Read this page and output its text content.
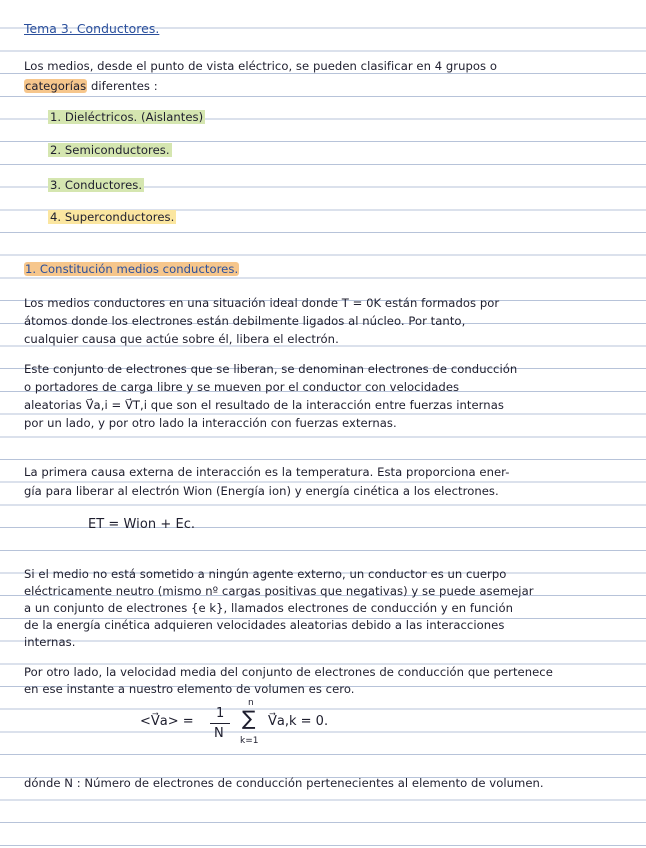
Tema 3. Conductores.
Los medios, desde el punto de vista eléctrico, se pueden clasificar en 4 grupos o
categorías diferentes :
1. Dieléctricos. (Aislantes)
2. Semiconductores.
3. Conductores.
4. Superconductores.
1. Constitución medios conductores.
Los medios conductores en una situación ideal donde T = 0K están formados por
átomos donde los electrones están debilmente ligados al núcleo. Por tanto,
cualquier causa que actúe sobre él, libera el electrón.
Este conjunto de electrones que se liberan, se denominan electrones de conducción
o portadores de carga libre y se mueven por el conductor con velocidades
aleatorias V⃗a,i = V⃗T,i que son el resultado de la interacción entre fuerzas internas
por un lado, y por otro lado la interacción con fuerzas externas.
La primera causa externa de interacción es la temperatura. Esta proporciona ener-
gía para liberar al electrón Wion (Energía ion) y energía cinética a los electrones.
ET = Wion + Ec.
Si el medio no está sometido a ningún agente externo, un conductor es un cuerpo
eléctricamente neutro (mismo nº cargas positivas que negativas) y se puede asemejar
a un conjunto de electrones {e k}, llamados electrones de conducción y en función
de la energía cinética adquieren velocidades aleatorias debido a las interacciones
internas.
Por otro lado, la velocidad media del conjunto de electrones de conducción que pertenece
en ese instante a nuestro elemento de volumen es cero.
<V⃗a> =
1
N
n
∑
k=1
V⃗a,k = 0.
dónde N : Número de electrones de conducción pertenecientes al elemento de volumen.
